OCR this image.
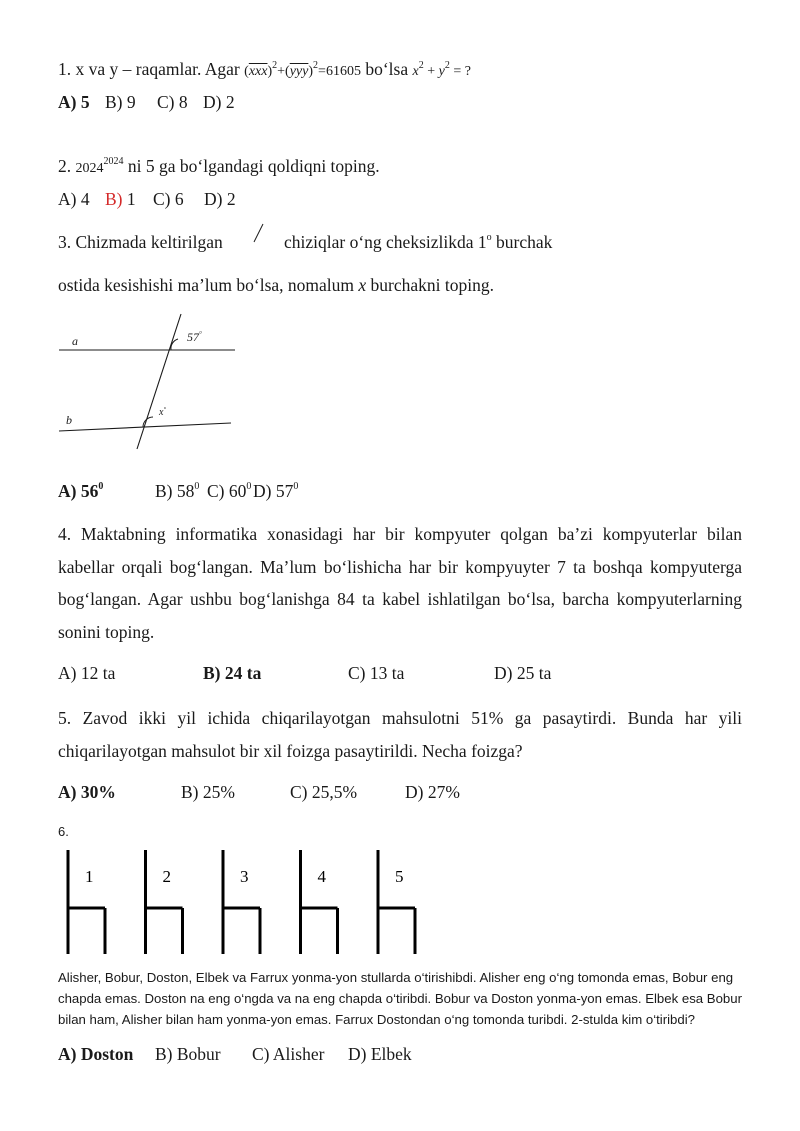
1. x va y – raqamlar. Agar $(\overline{xxx})^2+(\overline{yyy})^2=61605$ bo‘lsa $x^2 + y^2$ = ?
A) 5 B) 9 C) 8 D) 2
2. $2024^{2024}$ ni 5 ga bo‘lgandagi qoldiqni toping.
A) 4 B) 1 C) 6 D) 2
3. Chizmada keltirilgan	chiziqlar o‘ng cheksizlikda 1$^o$ burchak
ostida kesishishi ma’lum bo‘lsa, nomalum x burchakni toping.
a
b
57°
x°
A) $56^0$	B) $58^0$ C) $60^0$ D) $57^0$
4. Maktabning informatika xonasidagi har bir kompyuter qolgan ba’zi kompyuterlar bilan kabellar orqali bog‘langan. Ma’lum bo‘lishicha har bir kompyuyter 7 ta boshqa kompyuterga bog‘langan. Agar ushbu bog‘lanishga 84 ta kabel ishlatilgan bo‘lsa, barcha kompyuterlarning sonini toping.
A) 12 ta	B) 24 ta	C) 13 ta	D) 25 ta
5. Zavod ikki yil ichida chiqarilayotgan mahsulotni 51% ga pasaytirdi. Bunda har yili chiqarilayotgan mahsulot bir xil foizga pasaytirildi. Necha foizga?
A) 30%	B) 25%	C) 25,5%	D) 27%
6.
1	2	3	4	5
Alisher, Bobur, Doston, Elbek va Farrux yonma-yon stullarda o‘tirishibdi. Alisher eng o‘ng tomonda emas, Bobur eng chapda emas. Doston na eng o‘ngda va na eng chapda o‘tiribdi. Bobur va Doston yonma-yon emas. Elbek esa Bobur bilan ham, Alisher bilan ham yonma-yon emas. Farrux Dostondan o‘ng tomonda turibdi. 2-stulda kim o‘tiribdi?
A) Doston B) Bobur C) Alisher D) Elbek
